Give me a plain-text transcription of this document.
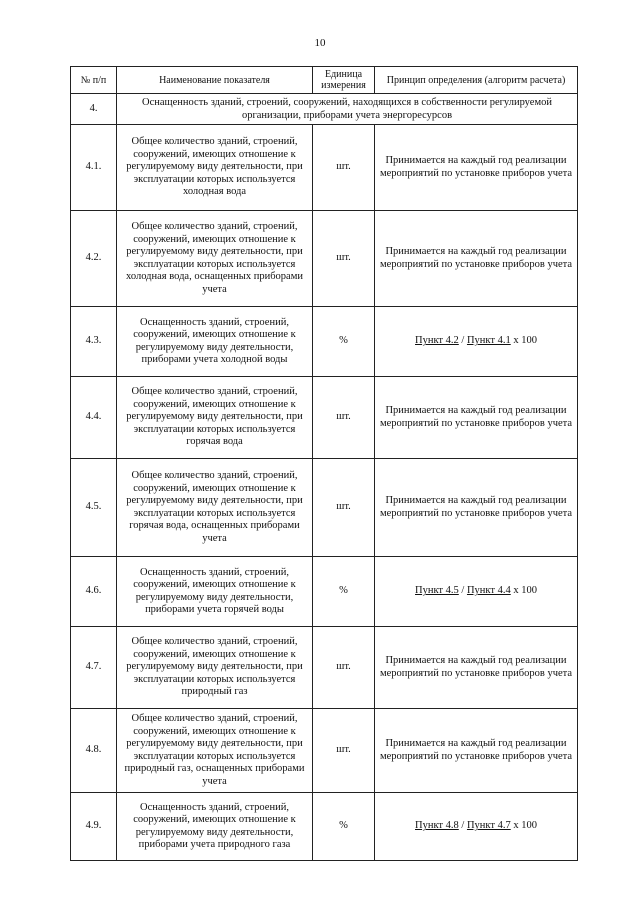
10
№ п/п	Наименование показателя	Единица измерения	Принцип определения (алгоритм расчета)
4.	Оснащенность зданий, строений, сооружений, находящихся в собственности регулируемой организации, приборами учета энергоресурсов		
4.1.	Общее количество зданий, строений, сооружений, имеющих отношение к регулируемому виду деятельности, при эксплуатации которых используется холодная вода	шт.	Принимается на каждый год реализации мероприятий по установке приборов учета
4.2.	Общее количество зданий, строений, сооружений, имеющих отношение к регулируемому виду деятельности, при эксплуатации которых используется холодная вода, оснащенных приборами учета	шт.	Принимается на каждый год реализации мероприятий по установке приборов учета
4.3.	Оснащенность зданий, строений, сооружений, имеющих отношение к регулируемому виду деятельности, приборами учета холодной воды	%	Пункт 4.2 / Пункт 4.1 x 100
4.4.	Общее количество зданий, строений, сооружений, имеющих отношение к регулируемому виду деятельности, при эксплуатации которых используется горячая вода	шт.	Принимается на каждый год реализации мероприятий по установке приборов учета
4.5.	Общее количество зданий, строений, сооружений, имеющих отношение к регулируемому виду деятельности, при эксплуатации которых используется горячая вода, оснащенных приборами учета	шт.	Принимается на каждый год реализации мероприятий по установке приборов учета
4.6.	Оснащенность зданий, строений, сооружений, имеющих отношение к регулируемому виду деятельности, приборами учета горячей воды	%	Пункт 4.5 / Пункт 4.4 x 100
4.7.	Общее количество зданий, строений, сооружений, имеющих отношение к регулируемому виду деятельности, при эксплуатации которых используется природный газ	шт.	Принимается на каждый год реализации мероприятий по установке приборов учета
4.8.	Общее количество зданий, строений, сооружений, имеющих отношение к регулируемому виду деятельности, при эксплуатации которых используется природный газ, оснащенных приборами учета	шт.	Принимается на каждый год реализации мероприятий по установке приборов учета
4.9.	Оснащенность зданий, строений, сооружений, имеющих отношение к регулируемому виду деятельности, приборами учета природного газа	%	Пункт 4.8 / Пункт 4.7 x 100
